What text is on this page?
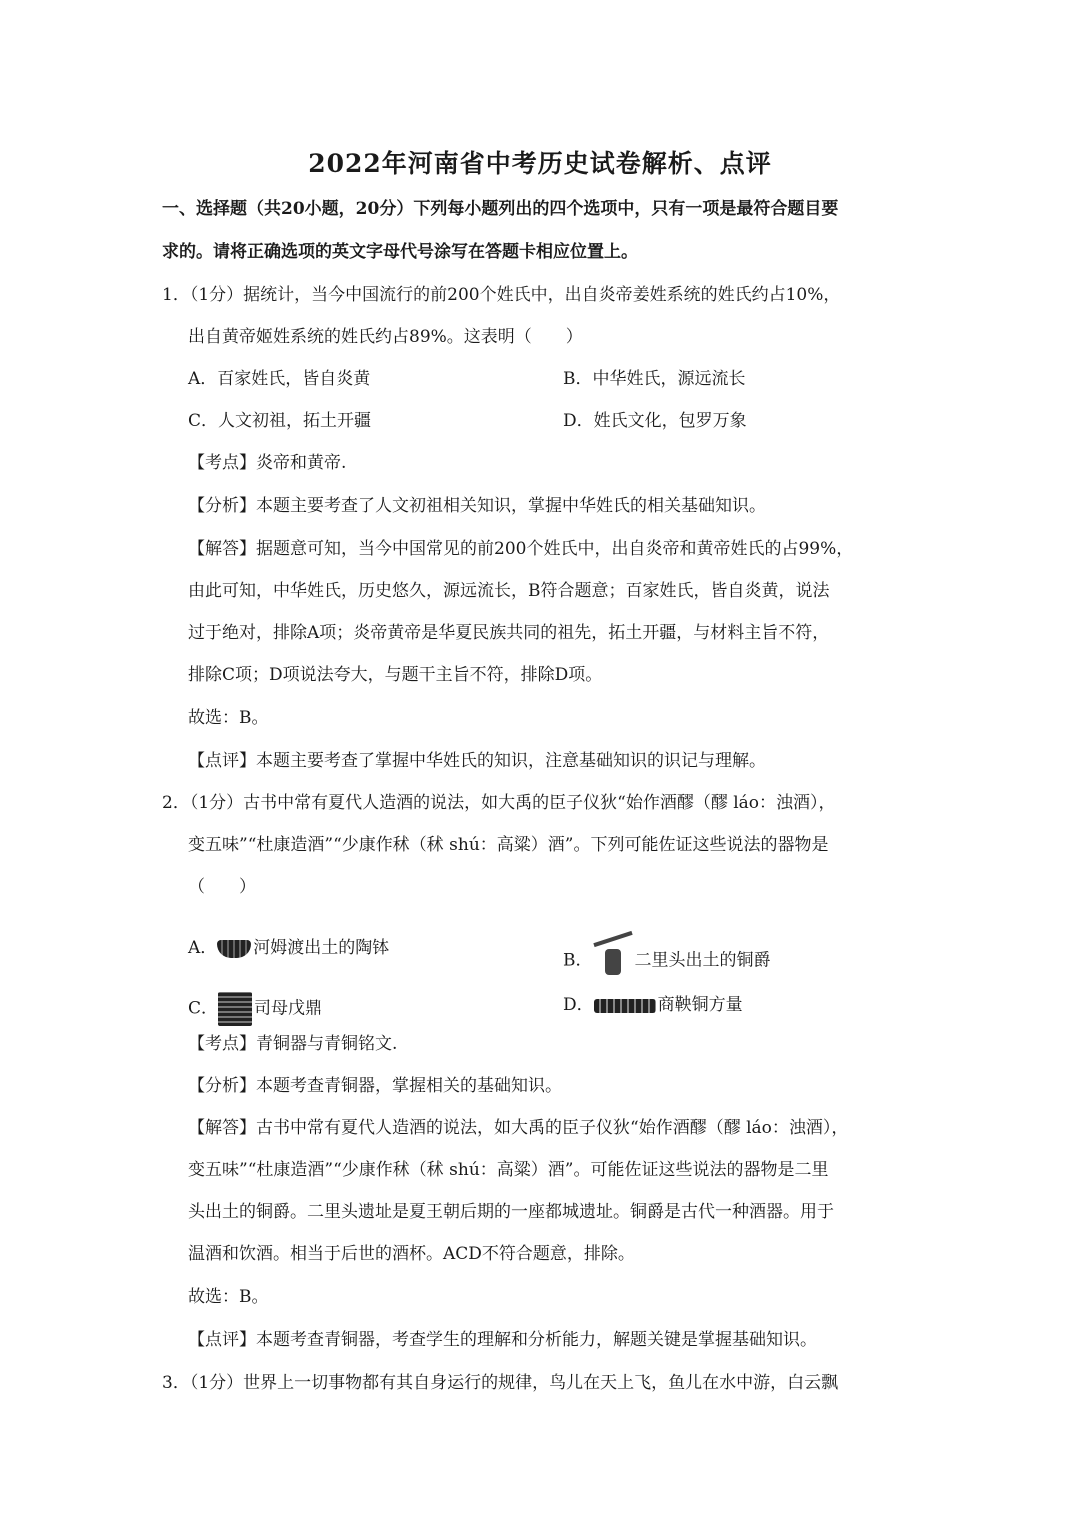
2022年河南省中考历史试卷解析、点评
一、选择题（共20小题，20分）下列每小题列出的四个选项中，只有一项是最符合题目要
求的。请将正确选项的英文字母代号涂写在答题卡相应位置上。
1．（1分）据统计，当今中国流行的前200个姓氏中，出自炎帝姜姓系统的姓氏约占10%，
出自黄帝姬姓系统的姓氏约占89%。这表明（　　）
A．百家姓氏，皆自炎黄	B．中华姓氏，源远流长
C．人文初祖，拓土开疆	D．姓氏文化，包罗万象
【考点】炎帝和黄帝.
【分析】本题主要考查了人文初祖相关知识，掌握中华姓氏的相关基础知识。
【解答】据题意可知，当今中国常见的前200个姓氏中，出自炎帝和黄帝姓氏的占99%，
由此可知，中华姓氏，历史悠久，源远流长，B符合题意；百家姓氏，皆自炎黄，说法
过于绝对，排除A项；炎帝黄帝是华夏民族共同的祖先，拓土开疆，与材料主旨不符，
排除C项；D项说法夸大，与题干主旨不符，排除D项。
故选：B。
【点评】本题主要考查了掌握中华姓氏的知识，注意基础知识的识记与理解。
2．（1分）古书中常有夏代人造酒的说法，如大禹的臣子仪狄“始作酒醪（醪 láo：浊酒），
变五味”“杜康造酒”“少康作秫（秫 shú：高粱）酒”。下列可能佐证这些说法的器物是
（　　）
A． 河姆渡出土的陶钵
B． 二里头出土的铜爵
C． 司母戊鼎	D．	商鞅铜方量
【考点】青铜器与青铜铭文.
【分析】本题考查青铜器，掌握相关的基础知识。
【解答】古书中常有夏代人造酒的说法，如大禹的臣子仪狄“始作酒醪（醪 láo：浊酒），
变五味”“杜康造酒”“少康作秫（秫 shú：高粱）酒”。可能佐证这些说法的器物是二里
头出土的铜爵。二里头遗址是夏王朝后期的一座都城遗址。铜爵是古代一种酒器。用于
温酒和饮酒。相当于后世的酒杯。ACD不符合题意，排除。
故选：B。
【点评】本题考查青铜器，考查学生的理解和分析能力，解题关键是掌握基础知识。
3．（1分）世界上一切事物都有其自身运行的规律，鸟儿在天上飞，鱼儿在水中游，白云飘
